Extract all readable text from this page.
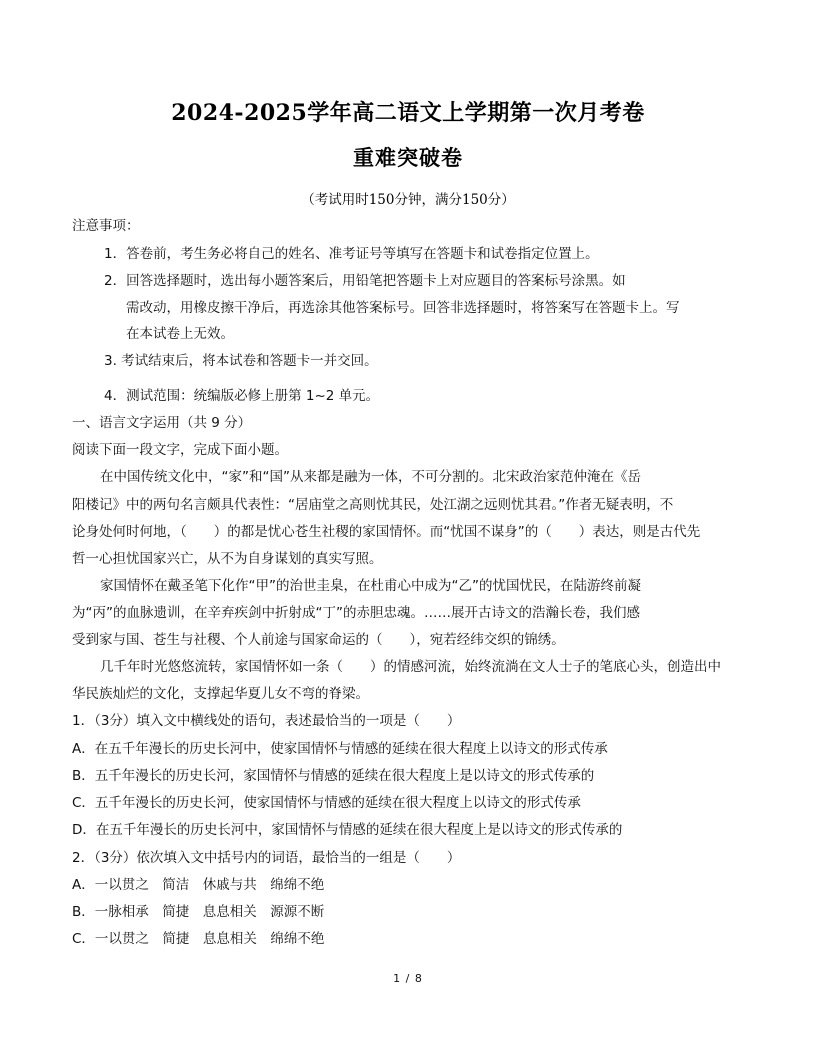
2024-2025学年高二语文上学期第一次月考卷
重难突破卷
（考试用时150分钟，满分150分）
注意事项：
1．答卷前，考生务必将自己的姓名、准考证号等填写在答题卡和试卷指定位置上。
2．回答选择题时，选出每小题答案后，用铅笔把答题卡上对应题目的答案标号涂黑。如
需改动，用橡皮擦干净后，再选涂其他答案标号。回答非选择题时，将答案写在答题卡上。写
在本试卷上无效。
3. 考试结束后，将本试卷和答题卡一并交回。
4．测试范围：统编版必修上册第 1~2 单元。
一、语言文字运用（共 9 分）
阅读下面一段文字，完成下面小题。
在中国传统文化中，“家”和“国”从来都是融为一体，不可分割的。北宋政治家范仲淹在《岳
阳楼记》中的两句名言颇具代表性：“居庙堂之高则忧其民，处江湖之远则忧其君。”作者无疑表明，不
论身处何时何地，（　　）的都是忧心苍生社稷的家国情怀。而“忧国不谋身”的（　　）表达，则是古代先
哲一心担忧国家兴亡，从不为自身谋划的真实写照。
家国情怀在戴圣笔下化作“甲”的治世圭臬，在杜甫心中成为“乙”的忧国忧民，在陆游终前凝
为“丙”的血脉遗训，在辛弃疾剑中折射成“丁”的赤胆忠魂。……展开古诗文的浩瀚长卷，我们感
受到家与国、苍生与社稷、个人前途与国家命运的（　　），宛若经纬交织的锦绣。
几千年时光悠悠流转，家国情怀如一条（　　）的情感河流，始终流淌在文人士子的笔底心头，创造出中
华民族灿烂的文化，支撑起华夏儿女不弯的脊梁。
1．（3分）填入文中横线处的语句，表述最恰当的一项是（　　）
A．在五千年漫长的历史长河中，使家国情怀与情感的延续在很大程度上以诗文的形式传承
B．五千年漫长的历史长河，家国情怀与情感的延续在很大程度上是以诗文的形式传承的
C．五千年漫长的历史长河，使家国情怀与情感的延续在很大程度上以诗文的形式传承
D．在五千年漫长的历史长河中，家国情怀与情感的延续在很大程度上是以诗文的形式传承的
2．（3分）依次填入文中括号内的词语，最恰当的一组是（　　）
A．一以贯之　简洁　休戚与共　绵绵不绝
B．一脉相承　简捷　息息相关　源源不断
C．一以贯之　简捷　息息相关　绵绵不绝
1 / 8
